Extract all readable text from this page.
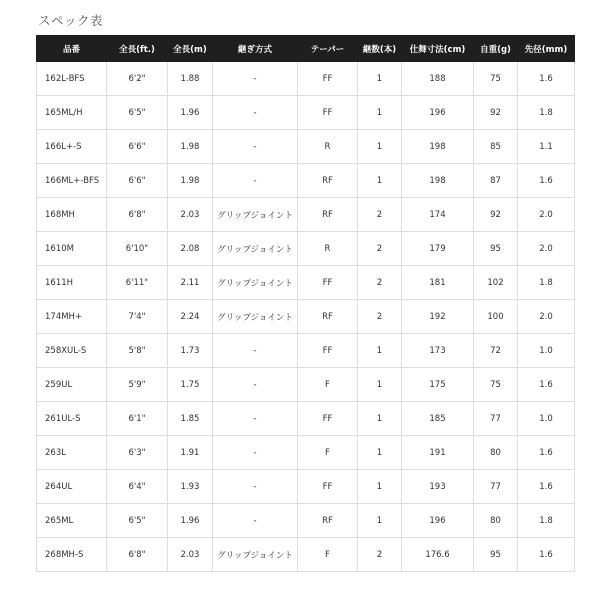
スペック表
品番	全長(ft.)	全長(m)	継ぎ方式	テーパー	継数(本)	仕舞寸法(cm)	自重(g)	先径(mm)
162L-BFS	6'2"	1.88	-	FF	1	188	75	1.6
165ML/H	6'5"	1.96	-	FF	1	196	92	1.8
166L+-S	6'6"	1.98	-	R	1	198	85	1.1
166ML+-BFS	6'6"	1.98	-	RF	1	198	87	1.6
168MH	6'8"	2.03	グリップジョイント	RF	2	174	92	2.0
1610M	6'10"	2.08	グリップジョイント	R	2	179	95	2.0
1611H	6'11"	2.11	グリップジョイント	FF	2	181	102	1.8
174MH+	7'4"	2.24	グリップジョイント	RF	2	192	100	2.0
258XUL-S	5'8"	1.73	-	FF	1	173	72	1.0
259UL	5'9"	1.75	-	F	1	175	75	1.6
261UL-S	6'1"	1.85	-	FF	1	185	77	1.0
263L	6'3"	1.91	-	F	1	191	80	1.6
264UL	6'4"	1.93	-	FF	1	193	77	1.6
265ML	6'5"	1.96	-	RF	1	196	80	1.8
268MH-S	6'8"	2.03	グリップジョイント	F	2	176.6	95	1.6
